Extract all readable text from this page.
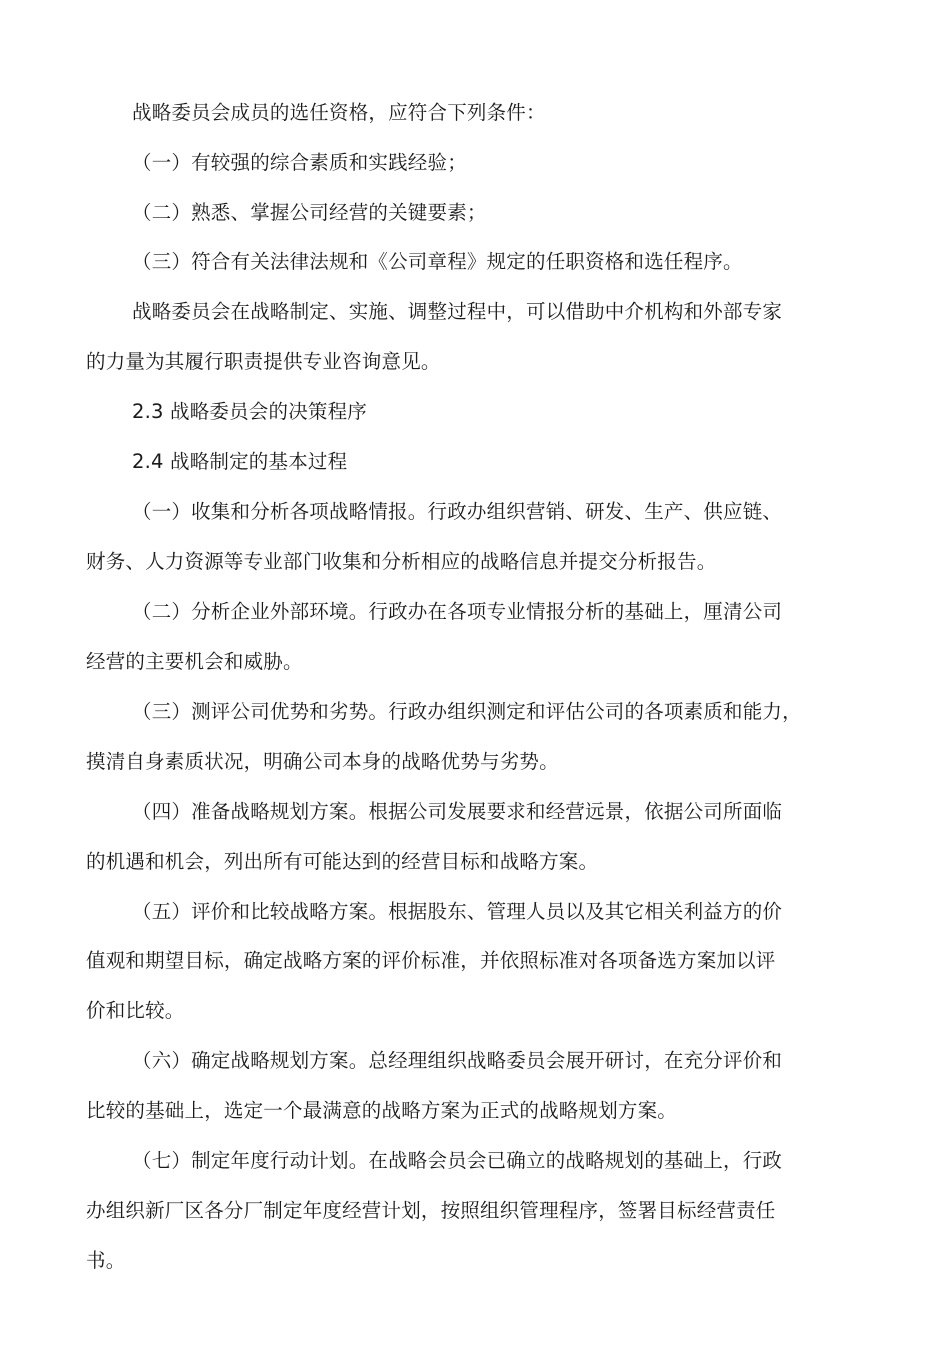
战略委员会成员的选任资格，应符合下列条件：
（一）有较强的综合素质和实践经验；
（二）熟悉、掌握公司经营的关键要素；
（三）符合有关法律法规和《公司章程》规定的任职资格和选任程序。
战略委员会在战略制定、实施、调整过程中，可以借助中介机构和外部专家
的力量为其履行职责提供专业咨询意见。
2.3 战略委员会的决策程序
2.4 战略制定的基本过程
（一）收集和分析各项战略情报。行政办组织营销、研发、生产、供应链、
财务、人力资源等专业部门收集和分析相应的战略信息并提交分析报告。
（二）分析企业外部环境。行政办在各项专业情报分析的基础上，厘清公司
经营的主要机会和威胁。
（三）测评公司优势和劣势。行政办组织测定和评估公司的各项素质和能力，
摸清自身素质状况，明确公司本身的战略优势与劣势。
（四）准备战略规划方案。根据公司发展要求和经营远景，依据公司所面临
的机遇和机会，列出所有可能达到的经营目标和战略方案。
（五）评价和比较战略方案。根据股东、管理人员以及其它相关利益方的价
值观和期望目标，确定战略方案的评价标准，并依照标准对各项备选方案加以评
价和比较。
（六）确定战略规划方案。总经理组织战略委员会展开研讨，在充分评价和
比较的基础上，选定一个最满意的战略方案为正式的战略规划方案。
（七）制定年度行动计划。在战略会员会已确立的战略规划的基础上，行政
办组织新厂区各分厂制定年度经营计划，按照组织管理程序，签署目标经营责任
书。
